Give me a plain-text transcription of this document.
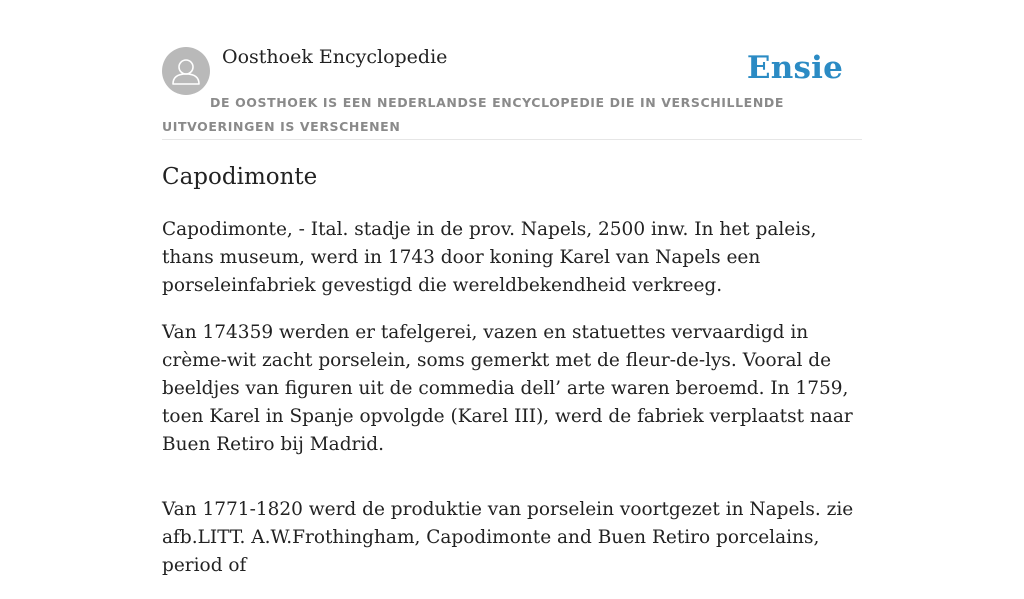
Oosthoek Encyclopedie	Ensie
DE OOSTHOEK IS EEN NEDERLANDSE ENCYCLOPEDIE DIE IN VERSCHILLENDE UITVOERINGEN IS VERSCHENEN
Capodimonte

Capodimonte, - Ital. stadje in de prov. Napels, 2500 inw. In het paleis, thans museum, werd in 1743 door koning Karel van Napels een porseleinfabriek gevestigd die wereldbekendheid verkreeg.

Van 174359 werden er tafelgerei, vazen en statuettes vervaardigd in crème-wit zacht porselein, soms gemerkt met de fleur-de-lys. Vooral de beeldjes van figuren uit de commedia dell’ arte waren beroemd. In 1759, toen Karel in Spanje opvolgde (Karel III), werd de fabriek verplaatst naar Buen Retiro bij Madrid.

Van 1771-1820 werd de produktie van porselein voortgezet in Napels. zie afb.LITT. A.W.Frothingham, Capodimonte and Buen Retiro porcelains, period of
